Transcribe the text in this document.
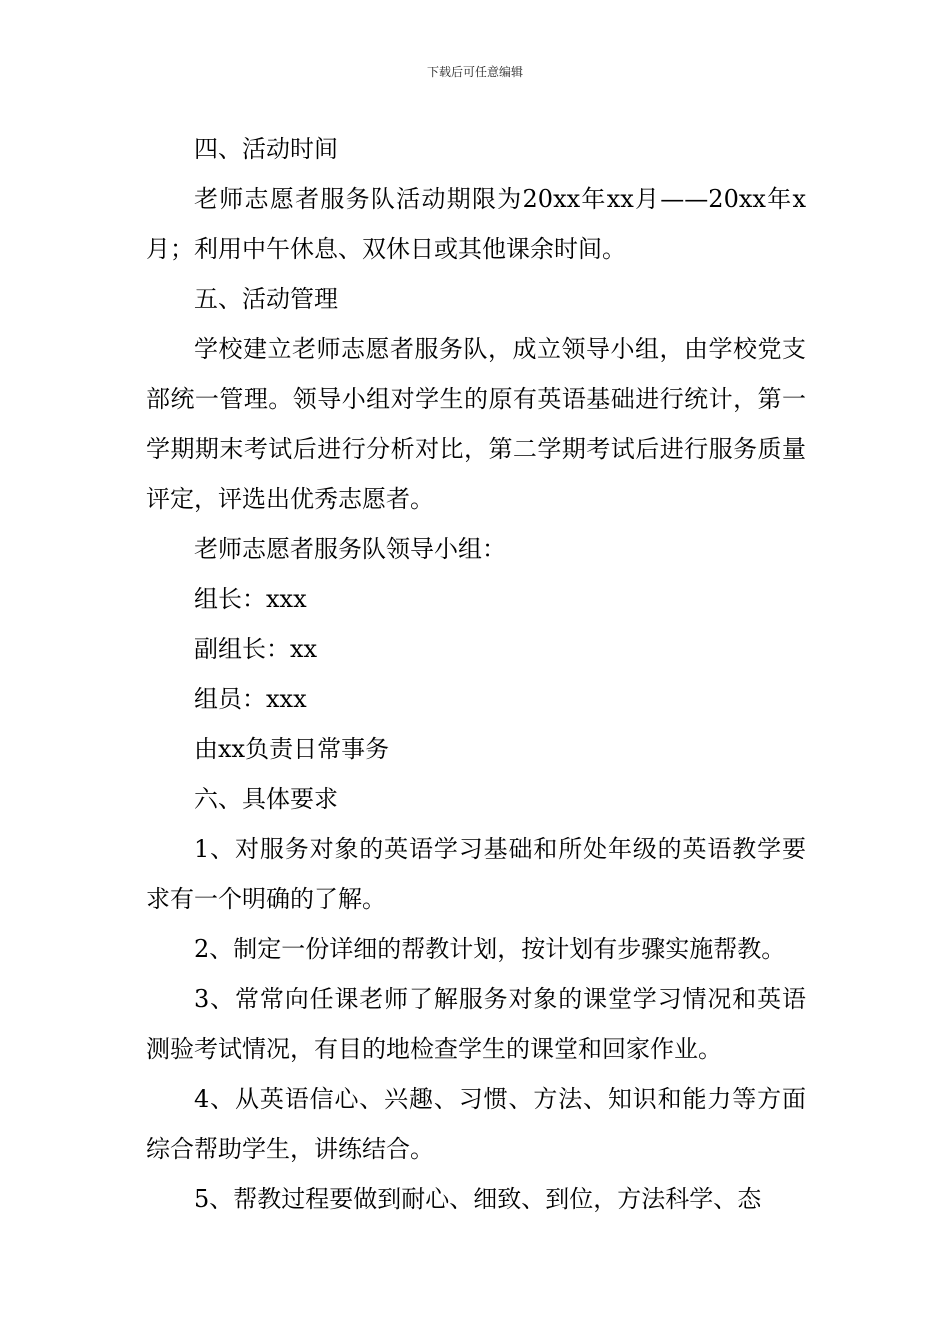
下载后可任意编辑

四、活动时间

老师志愿者服务队活动期限为20xx年xx月——20xx年x月；利用中午休息、双休日或其他课余时间。

五、活动管理

学校建立老师志愿者服务队，成立领导小组，由学校党支部统一管理。领导小组对学生的原有英语基础进行统计，第一学期期末考试后进行分析对比，第二学期考试后进行服务质量评定，评选出优秀志愿者。

老师志愿者服务队领导小组：

组长：xxx

副组长：xx

组员：xxx

由xx负责日常事务

六、具体要求

1、对服务对象的英语学习基础和所处年级的英语教学要求有一个明确的了解。

2、制定一份详细的帮教计划，按计划有步骤实施帮教。

3、常常向任课老师了解服务对象的课堂学习情况和英语测验考试情况，有目的地检查学生的课堂和回家作业。

4、从英语信心、兴趣、习惯、方法、知识和能力等方面综合帮助学生，讲练结合。

5、帮教过程要做到耐心、细致、到位，方法科学、态
